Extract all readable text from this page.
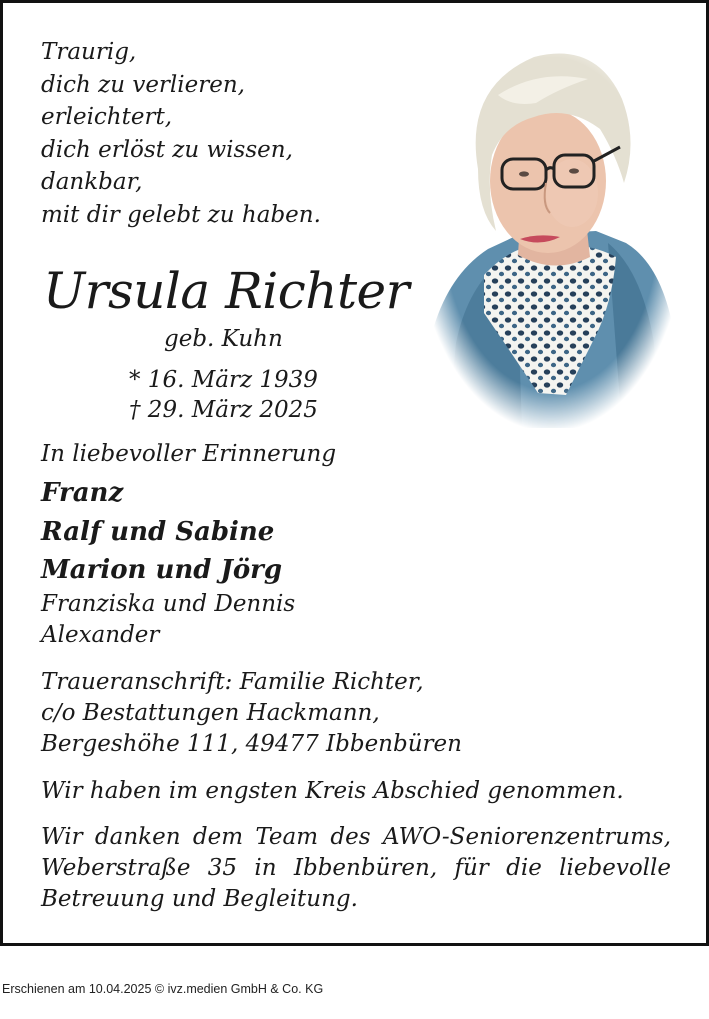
Traurig,
dich zu verlieren,
erleichtert,
dich erlöst zu wissen,
dankbar,
mit dir gelebt zu haben.
Ursula Richter
geb. Kuhn
* 16. März 1939
† 29. März 2025
In liebevoller Erinnerung
Franz
Ralf und Sabine
Marion und Jörg
Franziska und Dennis
Alexander
Traueranschrift: Familie Richter,
c/o Bestattungen Hackmann,
Bergeshöhe 111, 49477 Ibbenbüren
Wir haben im engsten Kreis Abschied genommen.
Wir danken dem Team des AWO-Seniorenzentrums,
Weberstraße 35 in Ibbenbüren, für die liebevolle
Betreuung und Begleitung.
Erschienen am 10.04.2025 © ivz.medien GmbH & Co. KG
